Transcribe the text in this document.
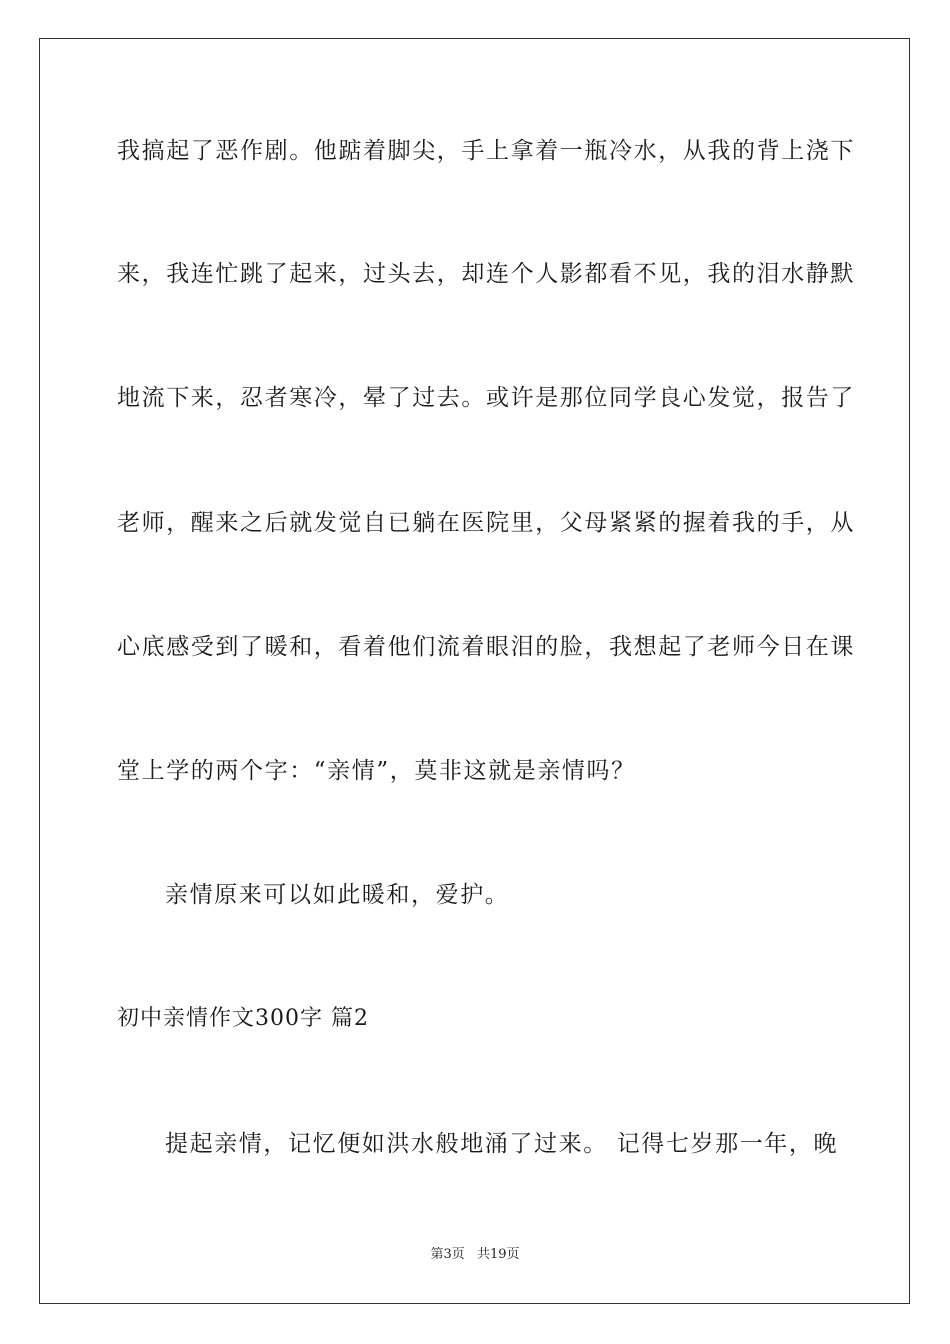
我搞起了恶作剧。他踮着脚尖，手上拿着一瓶冷水，从我的背上浇下
来，我连忙跳了起来，过头去，却连个人影都看不见，我的泪水静默
地流下来，忍者寒冷，晕了过去。或许是那位同学良心发觉，报告了
老师，醒来之后就发觉自已躺在医院里，父母紧紧的握着我的手，从
心底感受到了暖和，看着他们流着眼泪的脸，我想起了老师今日在课
堂上学的两个字：“亲情”，莫非这就是亲情吗？
亲情原来可以如此暖和，爱护。
初中亲情作文300字 篇2
提起亲情，记忆便如洪水般地涌了过来。 记得七岁那一年，晚
第3页 共19页
